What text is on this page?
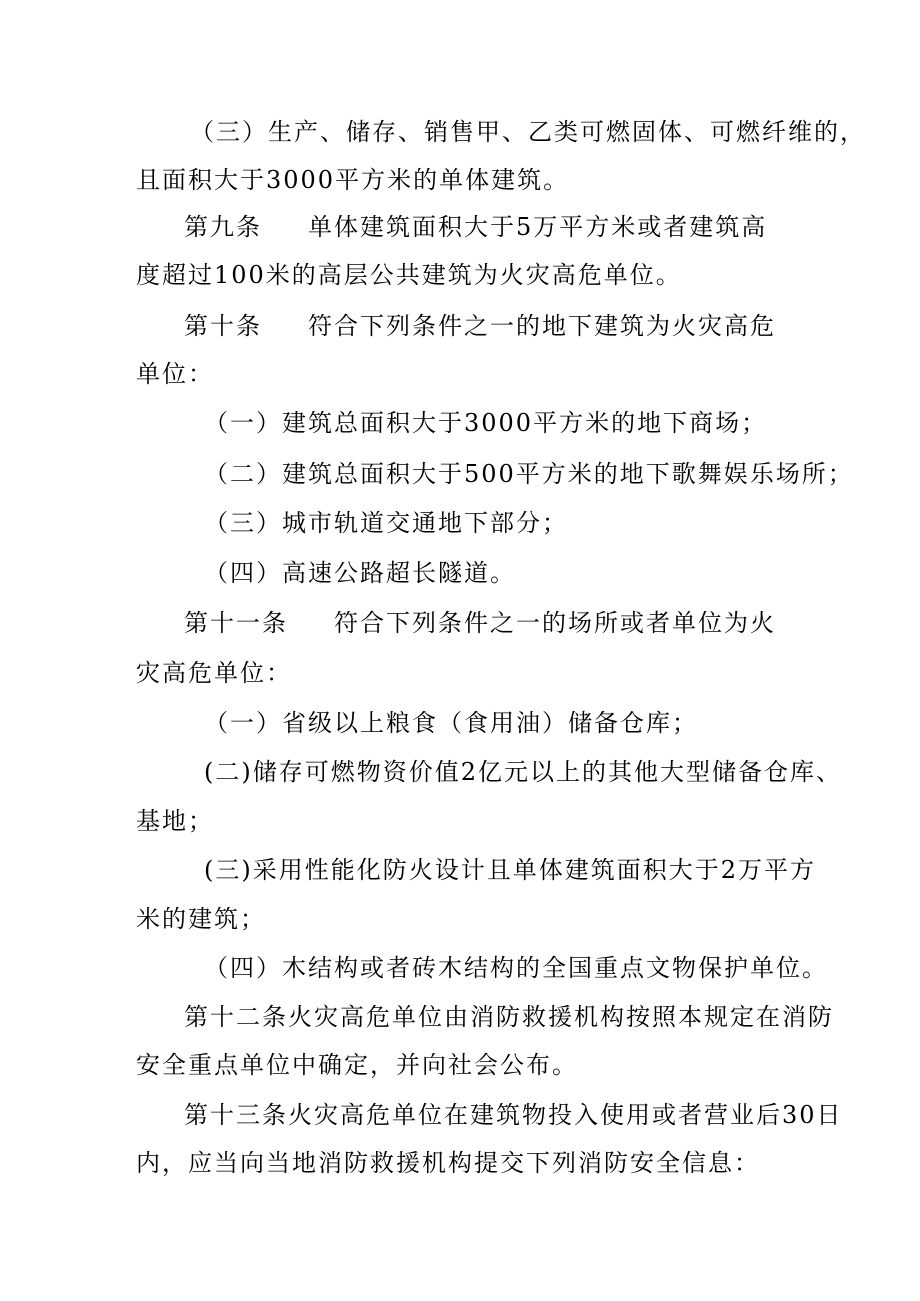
（三）生产、储存、销售甲、乙类可燃固体、可燃纤维的，
且面积大于3000平方米的单体建筑。
第九条 单体建筑面积大于5万平方米或者建筑高
度超过100米的高层公共建筑为火灾高危单位。
第十条 符合下列条件之一的地下建筑为火灾高危
单位：
（一）建筑总面积大于3000平方米的地下商场；
（二）建筑总面积大于500平方米的地下歌舞娱乐场所；
（三）城市轨道交通地下部分；
（四）高速公路超长隧道。
第十一条 符合下列条件之一的场所或者单位为火
灾高危单位：
（一）省级以上粮食（食用油）储备仓库；
(二)储存可燃物资价值2亿元以上的其他大型储备仓库、
基地；
(三)采用性能化防火设计且单体建筑面积大于2万平方
米的建筑；
（四）木结构或者砖木结构的全国重点文物保护单位。
第十二条火灾高危单位由消防救援机构按照本规定在消防
安全重点单位中确定，并向社会公布。
第十三条火灾高危单位在建筑物投入使用或者营业后30日
内，应当向当地消防救援机构提交下列消防安全信息：
